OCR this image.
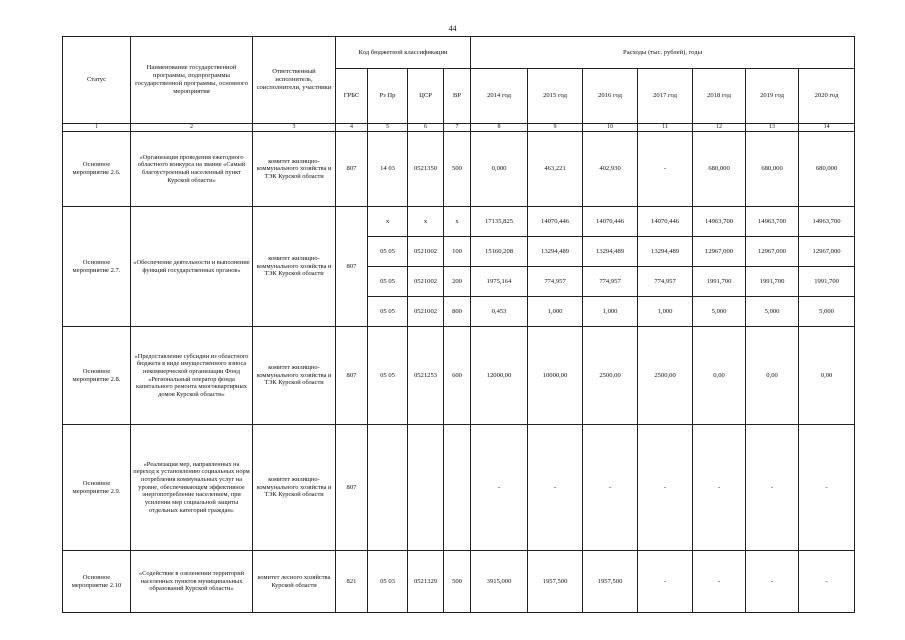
44
Статус	Наименование государственной программы, подпрограммы государственной программы, основного мероприятия	Ответственный исполнитель, соисполнители, участники	Код бюджетной классификации				Расходы (тыс. рублей), годы						
			ГРБС	Рз Пр	ЦСР	ВР	2014 год	2015 год	2016 год	2017 год	2018 год	2019 год	2020 год
1	2	3	4	5	6	7	8	9	10	11	12	13	14
Основное мероприятие 2.6.	«Организация проведения ежегодного областного конкурса на звание «Самый благоустроенный населенный пункт Курской области»	комитет жилищно-коммунального хозяйства и ТЭК Курской области	807	14 03	0521350	500	0,000	463,221	402,930	-	680,000	680,000	680,000
Основное мероприятие 2.7.	«Обеспечение деятельности и выполнение функций государственных органов»	комитет жилищно-коммунального хозяйства и ТЭК Курской области	807	х	х	х	17135,825	14070,446	14070,446	14070,446	14963,700	14963,700	14963,700
				05 05	0521002	100	15160,208	13294,489	13294,489	13294,489	12967,000	12967,000	12967,000
				05 05	0521002	200	1975,164	774,957	774,957	774,957	1991,700	1991,700	1991,700
				05 05	0521002	800	0,453	1,000	1,000	1,000	5,000	5,000	5,000
Основное мероприятие 2.8.	«Предоставление субсидии из областного бюджета в виде имущественного взноса некоммерческой организации Фонд «Региональный оператор фонда капитального ремонта многоквартирных домов Курской области»	комитет жилищно-коммунального хозяйства и ТЭК Курской области	807	05 05	0521253	600	12000,00	10000,00	2500,00	2500,00	0,00	0,00	0,00
Основное мероприятие 2.9.	«Реализация мер, направленных на переход к установлению социальных норм потребления коммунальных услуг на уровне, обеспечивающем эффективное энергопотребление населением, при усилении мер социальной защиты отдельных категорий граждан»	комитет жилищно-коммунального хозяйства и ТЭК Курской области	807				-	-	-	-	-	-	-
Основное мероприятие 2.10	«Содействие в озеленении территорий населенных пунктов муниципальных образований Курской области»	комитет лесного хозяйства Курской области	821	05 03	0521329	500	3915,000	1957,500	1957,500	-	-	-	-
